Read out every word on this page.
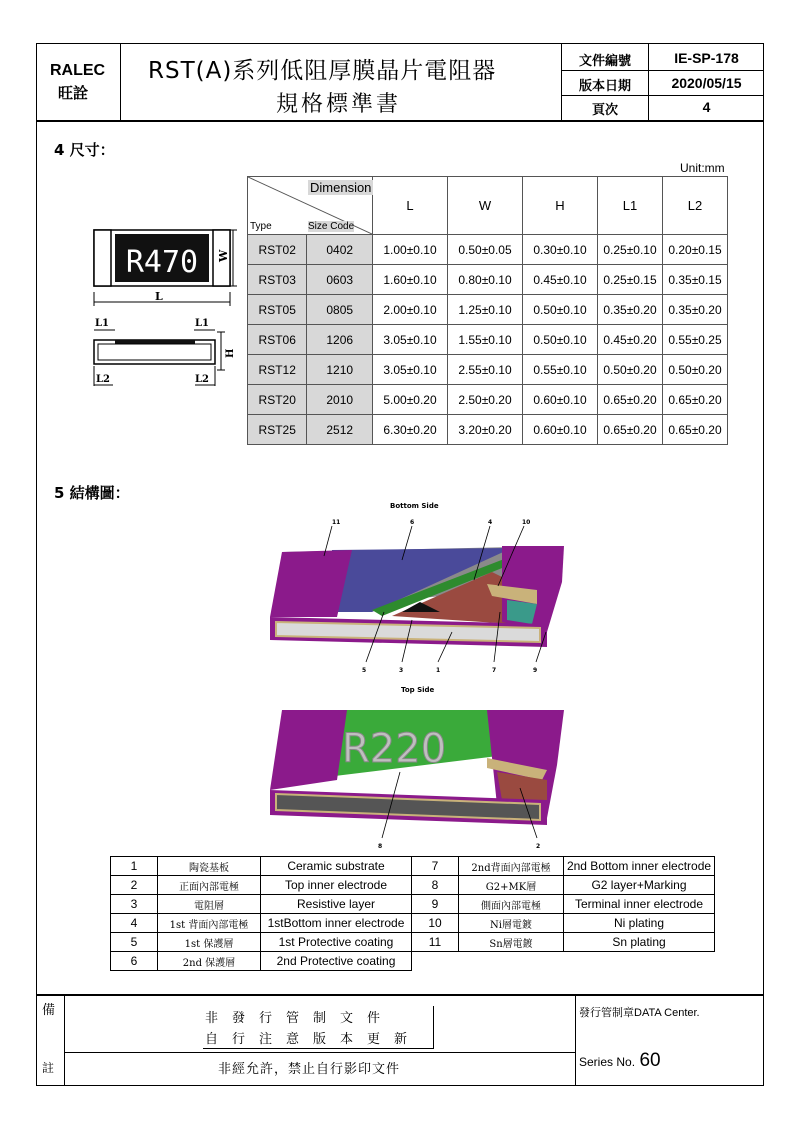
RALEC
旺詮
RST(A)系列低阻厚膜晶片電阻器
規格標準書
文件編號	IE-SP-178
版本日期	2020/05/15
頁次	4
4 尺寸：
Unit:mm
R470 W
L
L1	L1
H
L2	L2
Dimension
Type Size Code		L	W	H	L1	L2
RST02	0402	1.00±0.10	0.50±0.05	0.30±0.10	0.25±0.10	0.20±0.15
RST03	0603	1.60±0.10	0.80±0.10	0.45±0.10	0.25±0.15	0.35±0.15
RST05	0805	2.00±0.10	1.25±0.10	0.50±0.10	0.35±0.20	0.35±0.20
RST06	1206	3.05±0.10	1.55±0.10	0.50±0.10	0.45±0.20	0.55±0.25
RST12	1210	3.05±0.10	2.55±0.10	0.55±0.10	0.50±0.20	0.50±0.20
RST20	2010	5.00±0.20	2.50±0.20	0.60±0.10	0.65±0.20	0.65±0.20
RST25	2512	6.30±0.20	3.20±0.20	0.60±0.10	0.65±0.20	0.65±0.20
5 結構圖：
Bottom Side
11	6	4	10
5	3	1	7	9
Top Side
R220
8	2
1	陶瓷基板	Ceramic substrate	7	2nd背面內部電極	2nd Bottom inner electrode
2	正面內部電極	Top inner electrode	8	G2+MK層	G2 layer+Marking
3	電阻層	Resistive layer	9	側面內部電極	Terminal inner electrode
4	1st 背面內部電極	1stBottom inner electrode	10	Ni層電鍍	Ni plating
5	1st 保護層	1st Protective coating	11	Sn層電鍍	Sn plating
6	2nd 保護層	2nd Protective coating			
備
註
非發行管制文件
自行注意版本更新
非經允許，禁止自行影印文件
發行管制章DATA Center.
Series No. 60
